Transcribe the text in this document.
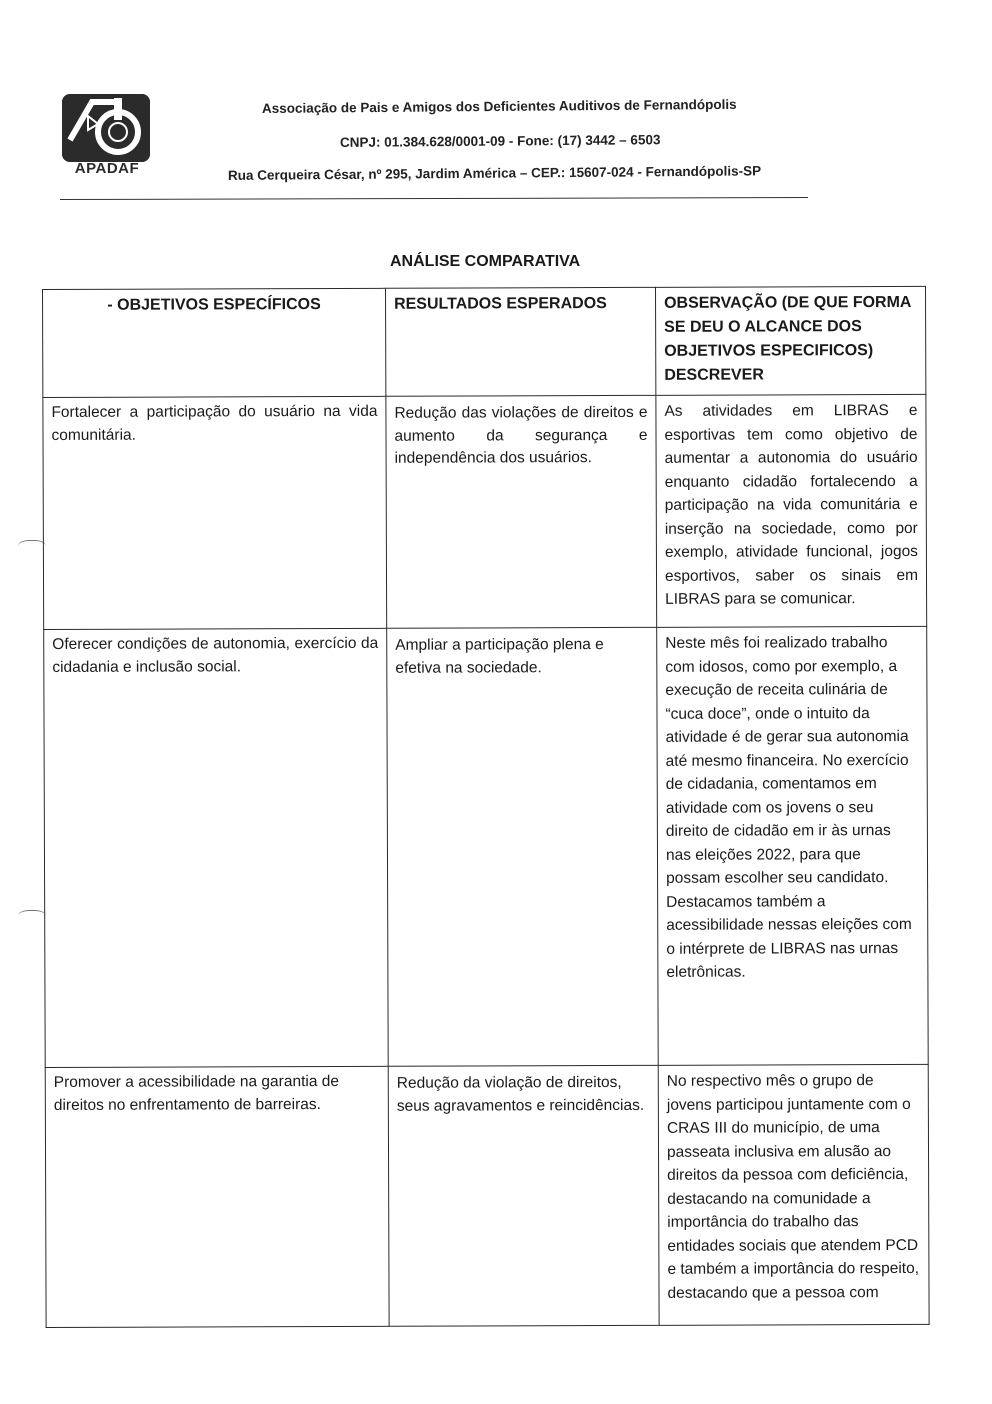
APADAF
Associação de Pais e Amigos dos Deficientes Auditivos de Fernandópolis
CNPJ: 01.384.628/0001-09 - Fone: (17) 3442 – 6503
Rua Cerqueira César, nº 295, Jardim América – CEP.: 15607-024 - Fernandópolis-SP
ANÁLISE COMPARATIVA
- OBJETIVOS ESPECÍFICOS	RESULTADOS ESPERADOS	OBSERVAÇÃO (DE QUE FORMA SE DEU O ALCANCE DOS OBJETIVOS ESPECIFICOS) DESCREVER
Fortalecer a participação do usuário na vida comunitária.	Redução das violações de direitos e aumento da segurança e independência dos usuários.	As atividades em LIBRAS e esportivas tem como objetivo de aumentar a autonomia do usuário enquanto cidadão fortalecendo a participação na vida comunitária e inserção na sociedade, como por exemplo, atividade funcional, jogos esportivos, saber os sinais em LIBRAS para se comunicar.
Oferecer condições de autonomia, exercício da cidadania e inclusão social.	Ampliar a participação plena e efetiva na sociedade.	Neste mês foi realizado trabalho com idosos, como por exemplo, a execução de receita culinária de “cuca doce”, onde o intuito da atividade é de gerar sua autonomia até mesmo financeira. No exercício de cidadania, comentamos em atividade com os jovens o seu direito de cidadão em ir às urnas nas eleições 2022, para que possam escolher seu candidato. Destacamos também a acessibilidade nessas eleições com o intérprete de LIBRAS nas urnas eletrônicas.
Promover a acessibilidade na garantia de direitos no enfrentamento de barreiras.	Redução da violação de direitos, seus agravamentos e reincidências.	No respectivo mês o grupo de jovens participou juntamente com o CRAS III do município, de uma passeata inclusiva em alusão ao direitos da pessoa com deficiência, destacando na comunidade a importância do trabalho das entidades sociais que atendem PCD e também a importância do respeito, destacando que a pessoa com
